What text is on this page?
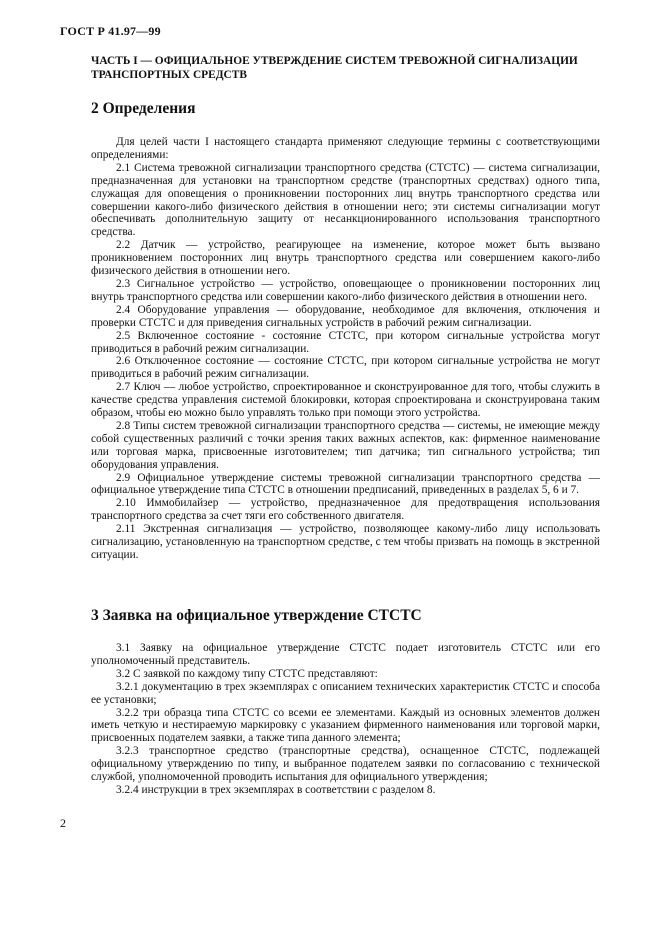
ГОСТ Р 41.97—99
ЧАСТЬ I — ОФИЦИАЛЬНОЕ УТВЕРЖДЕНИЕ СИСТЕМ ТРЕВОЖНОЙ СИГНАЛИЗАЦИИ ТРАНСПОРТНЫХ СРЕДСТВ
2 Определения

Для целей части I настоящего стандарта применяют следующие термины с соответствующими определениями:

2.1 Система тревожной сигнализации транспортного средства (СТСТС) — система сигнализации, предназначенная для установки на транспортном средстве (транспортных средствах) одного типа, служащая для оповещения о проникновении посторонних лиц внутрь транспортного средства или совершении какого-либо физического действия в отношении него; эти системы сигнализации могут обеспечивать дополнительную защиту от несанкционированного использования транспортного средства.

2.2 Датчик — устройство, реагирующее на изменение, которое может быть вызвано проникновением посторонних лиц внутрь транспортного средства или совершением какого-либо физического действия в отношении него.

2.3 Сигнальное устройство — устройство, оповещающее о проникновении посторонних лиц внутрь транспортного средства или совершении какого-либо физического действия в отношении него.

2.4 Оборудование управления — оборудование, необходимое для включения, отключения и проверки СТСТС и для приведения сигнальных устройств в рабочий режим сигнализации.

2.5 Включенное состояние - состояние СТСТС, при котором сигнальные устройства могут приводиться в рабочий режим сигнализации.

2.6 Отключенное состояние — состояние СТСТС, при котором сигнальные устройства не могут приводиться в рабочий режим сигнализации.

2.7 Ключ — любое устройство, спроектированное и сконструированное для того, чтобы служить в качестве средства управления системой блокировки, которая спроектирована и сконструирована таким образом, чтобы ею можно было управлять только при помощи этого устройства.

2.8 Типы систем тревожной сигнализации транспортного средства — системы, не имеющие между собой существенных различий с точки зрения таких важных аспектов, как: фирменное наименование или торговая марка, присвоенные изготовителем; тип датчика; тип сигнального устройства; тип оборудования управления.

2.9 Официальное утверждение системы тревожной сигнализации транспортного средства — официальное утверждение типа СТСТС в отношении предписаний, приведенных в разделах 5, 6 и 7.

2.10 Иммобилайзер — устройство, предназначенное для предотвращения использования транспортного средства за счет тяги его собственного двигателя.

2.11 Экстренная сигнализация — устройство, позволяющее какому-либо лицу использовать сигнализацию, установленную на транспортном средстве, с тем чтобы призвать на помощь в экстренной ситуации.

3 Заявка на официальное утверждение СТСТС

3.1 Заявку на официальное утверждение СТСТС подает изготовитель СТСТС или его уполномоченный представитель.

3.2 С заявкой по каждому типу СТСТС представляют:

3.2.1 документацию в трех экземплярах с описанием технических характеристик СТСТС и способа ее установки;

3.2.2 три образца типа СТСТС со всеми ее элементами. Каждый из основных элементов должен иметь четкую и нестираемую маркировку с указанием фирменного наименования или торговой марки, присвоенных подателем заявки, а также типа данного элемента;

3.2.3 транспортное средство (транспортные средства), оснащенное СТСТС, подлежащей официальному утверждению по типу, и выбранное подателем заявки по согласованию с технической службой, уполномоченной проводить испытания для официального утверждения;

3.2.4 инструкции в трех экземплярах в соответствии с разделом 8.

2
